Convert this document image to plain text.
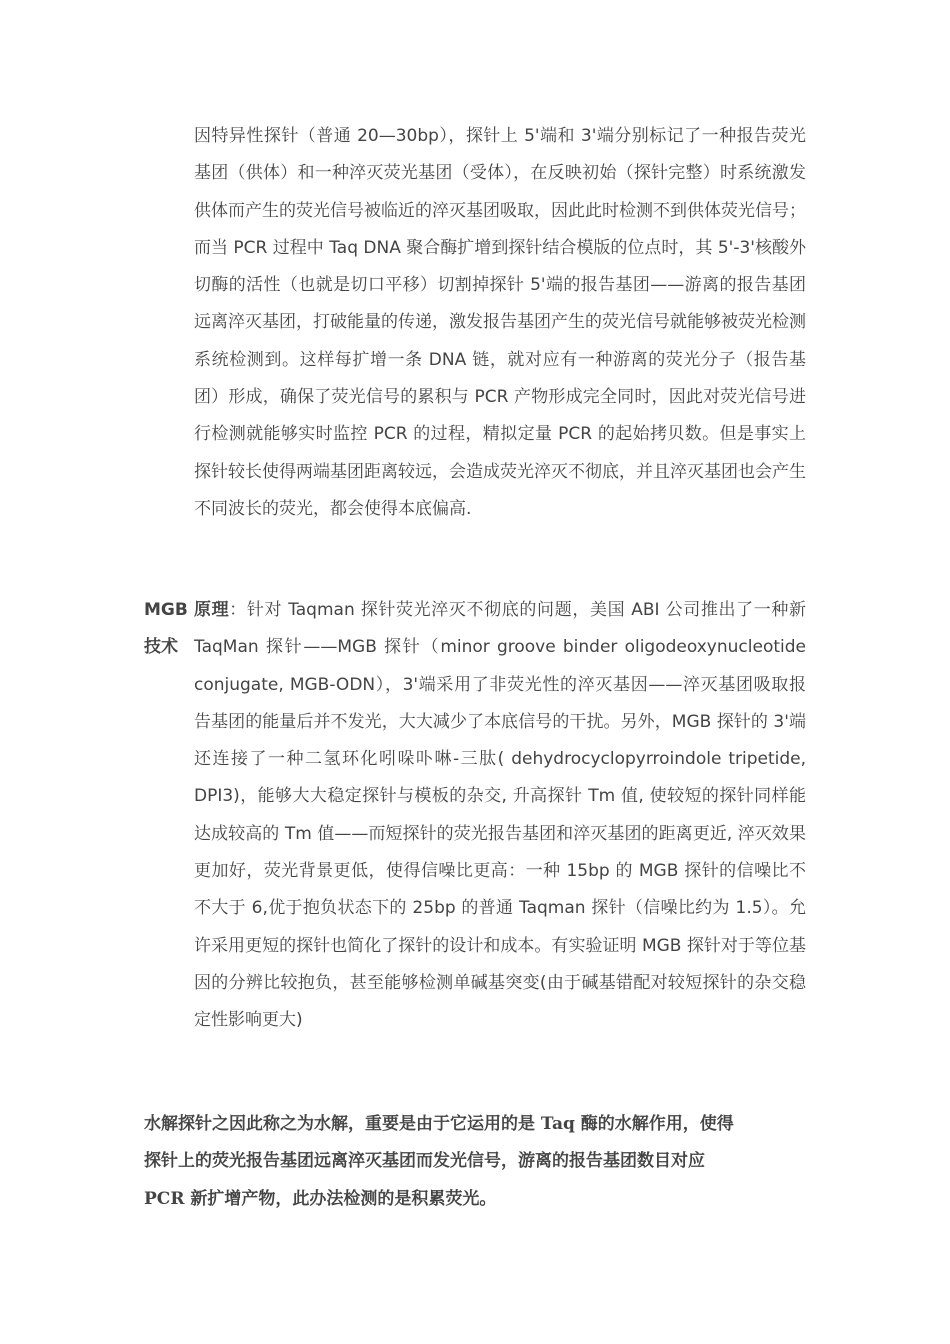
因特异性探针（普通 20—30bp），探针上 5'端和 3'端分别标记了一种报告荧光基团（供体）和一种淬灭荧光基团（受体），在反映初始（探针完整）时系统激发供体而产生的荧光信号被临近的淬灭基团吸取，因此此时检测不到供体荧光信号；而当 PCR 过程中 Taq DNA 聚合酶扩增到探针结合模版的位点时，其 5'-3'核酸外切酶的活性（也就是切口平移）切割掉探针 5'端的报告基团——游离的报告基团远离淬灭基团，打破能量的传递，激发报告基团产生的荧光信号就能够被荧光检测系统检测到。这样每扩增一条 DNA 链，就对应有一种游离的荧光分子（报告基团）形成，确保了荧光信号的累积与 PCR 产物形成完全同时，因此对荧光信号进行检测就能够实时监控 PCR 的过程，精拟定量 PCR 的起始拷贝数。但是事实上探针较长使得两端基团距离较远，会造成荧光淬灭不彻底，并且淬灭基团也会产生不同波长的荧光，都会使得本底偏高.

MGB
技术

原理：针对 Taqman 探针荧光淬灭不彻底的问题，美国 ABI 公司推出了一种新 TaqMan 探针——MGB 探针（minor groove binder oligodeoxynucleotide conjugate, MGB-ODN），3'端采用了非荧光性的淬灭基因——淬灭基团吸取报告基团的能量后并不发光，大大减少了本底信号的干扰。另外，MGB 探针的 3'端还连接了一种二氢环化吲哚卟啉-三肽( dehydrocyclopyrroindole tripetide, DPI3)，能够大大稳定探针与模板的杂交, 升高探针 Tm 值, 使较短的探针同样能达成较高的 Tm 值——而短探针的荧光报告基团和淬灭基团的距离更近, 淬灭效果更加好，荧光背景更低，使得信噪比更高：一种 15bp 的 MGB 探针的信噪比不不大于 6,优于抱负状态下的 25bp 的普通 Taqman 探针（信噪比约为 1.5）。允许采用更短的探针也简化了探针的设计和成本。有实验证明 MGB 探针对于等位基因的分辨比较抱负，甚至能够检测单碱基突变(由于碱基错配对较短探针的杂交稳定性影响更大)

水解探针之因此称之为水解，重要是由于它运用的是 Taq 酶的水解作用，使得
探针上的荧光报告基团远离淬灭基团而发光信号，游离的报告基团数目对应
PCR 新扩增产物，此办法检测的是积累荧光。
